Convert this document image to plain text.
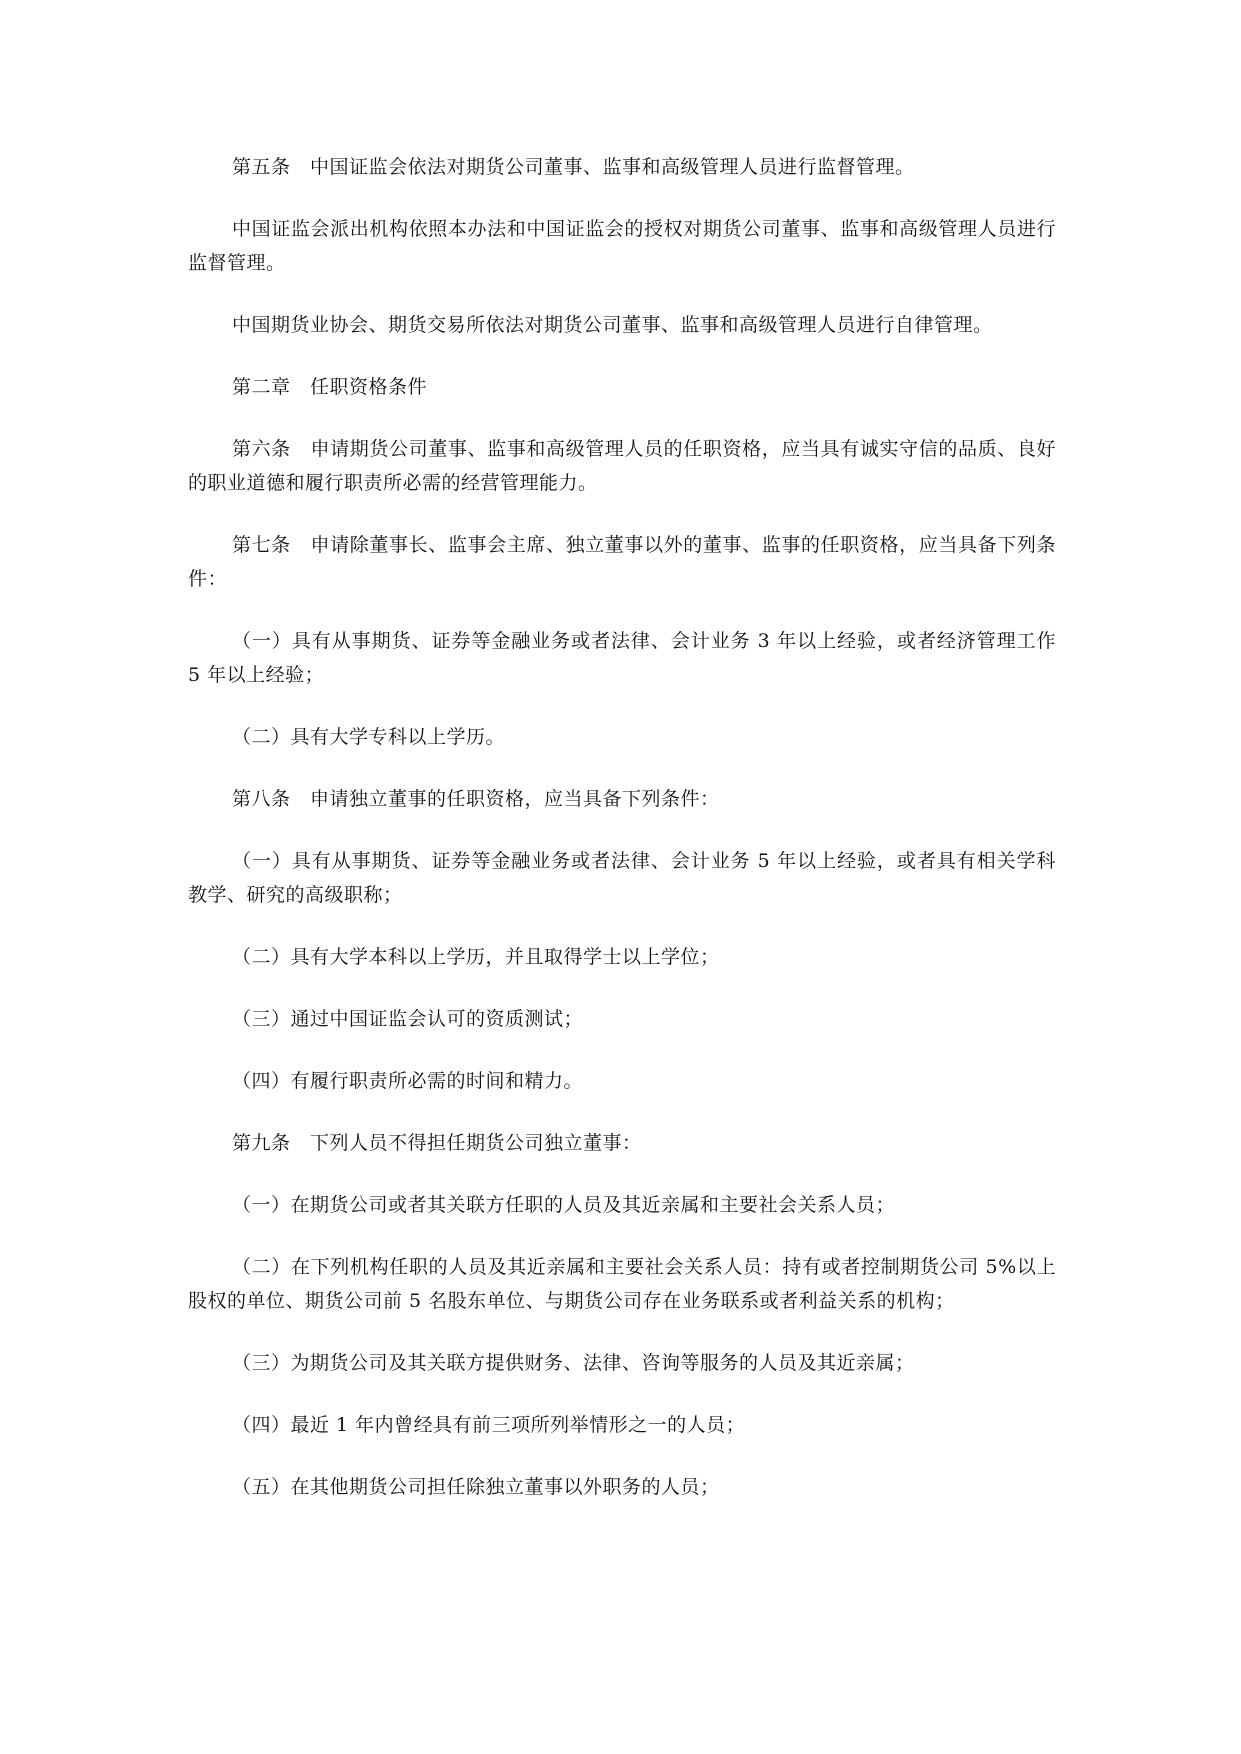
第五条　中国证监会依法对期货公司董事、监事和高级管理人员进行监督管理。

中国证监会派出机构依照本办法和中国证监会的授权对期货公司董事、监事和高级管理人员进行监督管理。

中国期货业协会、期货交易所依法对期货公司董事、监事和高级管理人员进行自律管理。

第二章　任职资格条件

第六条　申请期货公司董事、监事和高级管理人员的任职资格，应当具有诚实守信的品质、良好的职业道德和履行职责所必需的经营管理能力。

第七条　申请除董事长、监事会主席、独立董事以外的董事、监事的任职资格，应当具备下列条件：

（一）具有从事期货、证券等金融业务或者法律、会计业务 3 年以上经验，或者经济管理工作 5 年以上经验；

（二）具有大学专科以上学历。

第八条　申请独立董事的任职资格，应当具备下列条件：

（一）具有从事期货、证券等金融业务或者法律、会计业务 5 年以上经验，或者具有相关学科教学、研究的高级职称；

（二）具有大学本科以上学历，并且取得学士以上学位；

（三）通过中国证监会认可的资质测试；

（四）有履行职责所必需的时间和精力。

第九条　下列人员不得担任期货公司独立董事：

（一）在期货公司或者其关联方任职的人员及其近亲属和主要社会关系人员；

（二）在下列机构任职的人员及其近亲属和主要社会关系人员：持有或者控制期货公司 5%以上股权的单位、期货公司前 5 名股东单位、与期货公司存在业务联系或者利益关系的机构；

（三）为期货公司及其关联方提供财务、法律、咨询等服务的人员及其近亲属；

（四）最近 1 年内曾经具有前三项所列举情形之一的人员；

（五）在其他期货公司担任除独立董事以外职务的人员；
